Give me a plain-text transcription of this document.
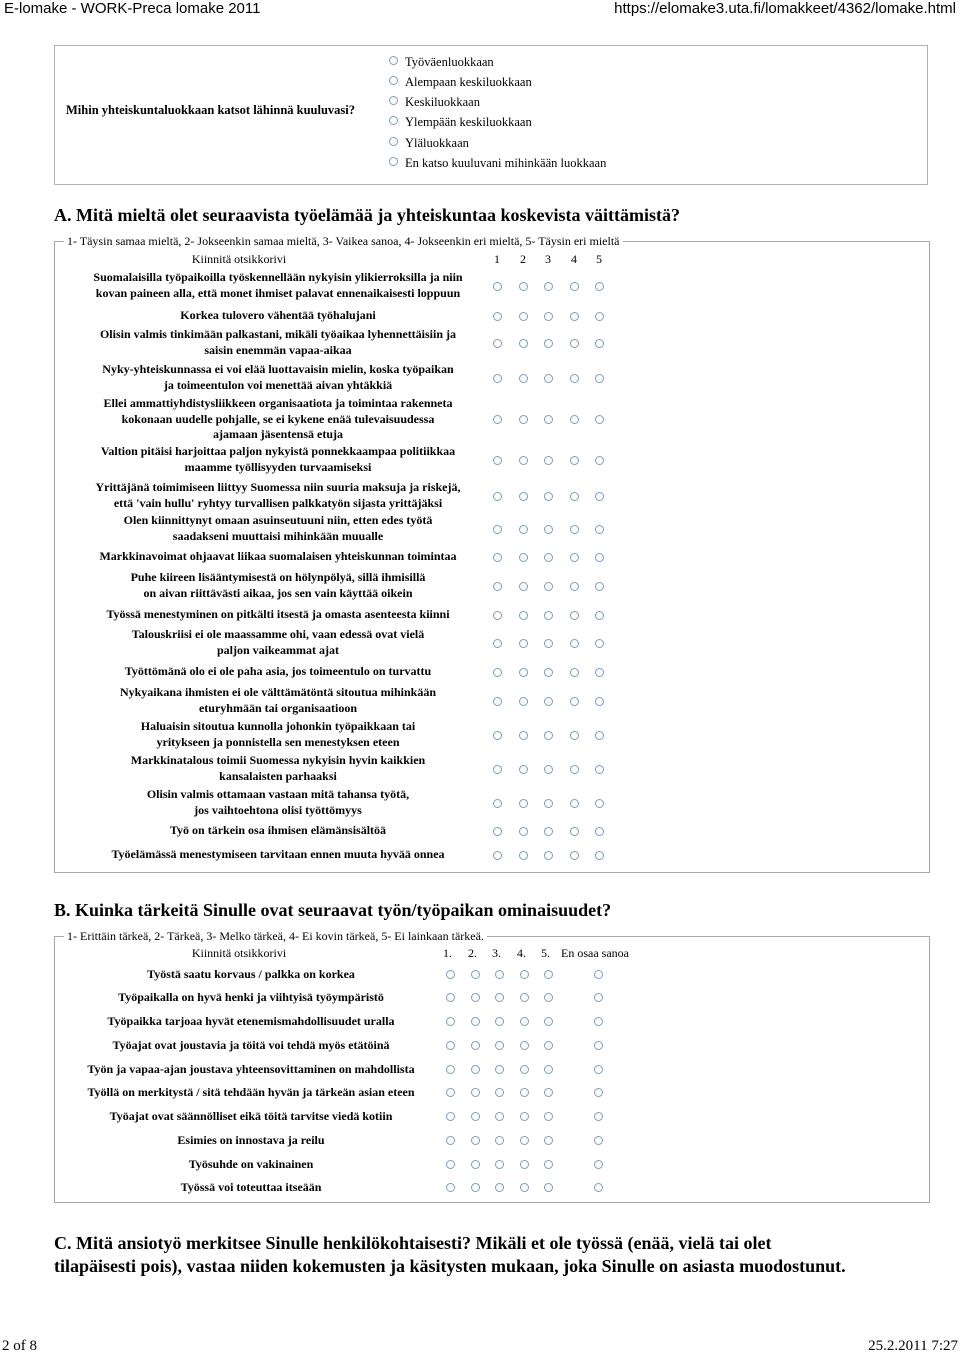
E-lomake - WORK-Preca lomake 2011	https://elomake3.uta.fi/lomakkeet/4362/lomake.html
Mihin yhteiskuntaluokkaan katsot lähinnä kuuluvasi?
Työväenluokkaan
Alempaan keskiluokkaan
Keskiluokkaan
Ylempään keskiluokkaan
Yläluokkaan
En katso kuuluvani mihinkään luokkaan
A. Mitä mieltä olet seuraavista työelämää ja yhteiskuntaa koskevista väittämistä?
1- Täysin samaa mieltä, 2- Jokseenkin samaa mieltä, 3- Vaikea sanoa, 4- Jokseenkin eri mieltä, 5- Täysin eri mieltä
Kiinnitä otsikkorivi	1 2 3 4 5
Suomalaisilla työpaikoilla työskennellään nykyisin ylikierroksilla ja niin
kovan paineen alla, että monet ihmiset palavat ennenaikaisesti loppuun
Korkea tulovero vähentää työhalujani
Olisin valmis tinkimään palkastani, mikäli työaikaa lyhennettäisiin ja
saisin enemmän vapaa-aikaa
Nyky-yhteiskunnassa ei voi elää luottavaisin mielin, koska työpaikan
ja toimeentulon voi menettää aivan yhtäkkiä
Ellei ammattiyhdistysliikkeen organisaatiota ja toimintaa rakenneta
kokonaan uudelle pohjalle, se ei kykene enää tulevaisuudessa
ajamaan jäsentensä etuja
Valtion pitäisi harjoittaa paljon nykyistä ponnekkaampaa politiikkaa
maamme työllisyyden turvaamiseksi
Yrittäjänä toimimiseen liittyy Suomessa niin suuria maksuja ja riskejä,
että 'vain hullu' ryhtyy turvallisen palkkatyön sijasta yrittäjäksi
Olen kiinnittynyt omaan asuinseutuuni niin, etten edes työtä
saadakseni muuttaisi mihinkään muualle
Markkinavoimat ohjaavat liikaa suomalaisen yhteiskunnan toimintaa
Puhe kiireen lisääntymisestä on hölynpölyä, sillä ihmisillä
on aivan riittävästi aikaa, jos sen vain käyttää oikein
Työssä menestyminen on pitkälti itsestä ja omasta asenteesta kiinni
Talouskriisi ei ole maassamme ohi, vaan edessä ovat vielä
paljon vaikeammat ajat
Työttömänä olo ei ole paha asia, jos toimeentulo on turvattu
Nykyaikana ihmisten ei ole välttämätöntä sitoutua mihinkään
eturyhmään tai organisaatioon
Haluaisin sitoutua kunnolla johonkin työpaikkaan tai
yritykseen ja ponnistella sen menestyksen eteen
Markkinatalous toimii Suomessa nykyisin hyvin kaikkien
kansalaisten parhaaksi
Olisin valmis ottamaan vastaan mitä tahansa työtä,
jos vaihtoehtona olisi työttömyys
Työ on tärkein osa ihmisen elämänsisältöä
Työelämässä menestymiseen tarvitaan ennen muuta hyvää onnea
B. Kuinka tärkeitä Sinulle ovat seuraavat työn/työpaikan ominaisuudet?
1- Erittäin tärkeä, 2- Tärkeä, 3- Melko tärkeä, 4- Ei kovin tärkeä, 5- Ei lainkaan tärkeä.
Kiinnitä otsikkorivi	1. 2. 3. 4. 5. En osaa sanoa
Työstä saatu korvaus / palkka on korkea
Työpaikalla on hyvä henki ja viihtyisä työympäristö
Työpaikka tarjoaa hyvät etenemismahdollisuudet uralla
Työajat ovat joustavia ja töitä voi tehdä myös etätöinä
Työn ja vapaa-ajan joustava yhteensovittaminen on mahdollista
Työllä on merkitystä / sitä tehdään hyvän ja tärkeän asian eteen
Työajat ovat säännölliset eikä töitä tarvitse viedä kotiin
Esimies on innostava ja reilu
Työsuhde on vakinainen
Työssä voi toteuttaa itseään
C. Mitä ansiotyö merkitsee Sinulle henkilökohtaisesti? Mikäli et ole työssä (enää, vielä tai olet
tilapäisesti pois), vastaa niiden kokemusten ja käsitysten mukaan, joka Sinulle on asiasta muodostunut.
2 of 8	25.2.2011 7:27
